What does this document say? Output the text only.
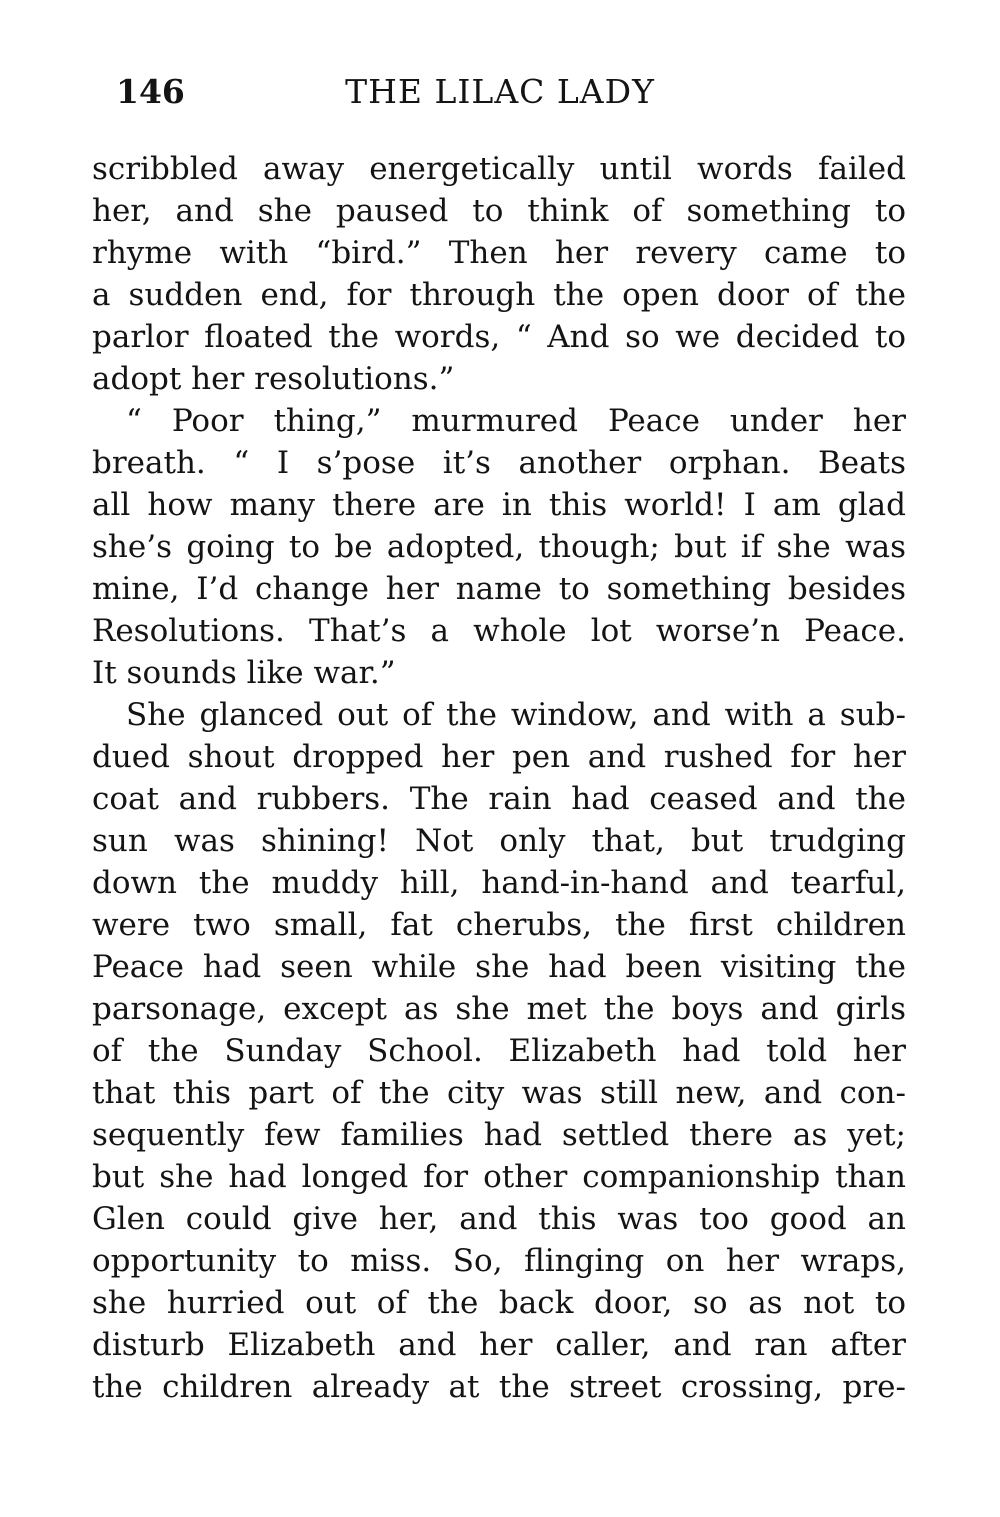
146	THE LILAC LADY
scribbled away energetically until words failed
her, and she paused to think of something to
rhyme with “bird.” Then her revery came to
a sudden end, for through the open door of the
parlor floated the words, “ And so we decided to
adopt her resolutions.”
“ Poor thing,” murmured Peace under her
breath. “ I s’pose it’s another orphan. Beats
all how many there are in this world! I am glad
she’s going to be adopted, though; but if she was
mine, I’d change her name to something besides
Resolutions. That’s a whole lot worse’n Peace.
It sounds like war.”
She glanced out of the window, and with a sub-
dued shout dropped her pen and rushed for her
coat and rubbers. The rain had ceased and the
sun was shining! Not only that, but trudging
down the muddy hill, hand-in-hand and tearful,
were two small, fat cherubs, the first children
Peace had seen while she had been visiting the
parsonage, except as she met the boys and girls
of the Sunday School. Elizabeth had told her
that this part of the city was still new, and con-
sequently few families had settled there as yet;
but she had longed for other companionship than
Glen could give her, and this was too good an
opportunity to miss. So, flinging on her wraps,
she hurried out of the back door, so as not to
disturb Elizabeth and her caller, and ran after
the children already at the street crossing, pre-
